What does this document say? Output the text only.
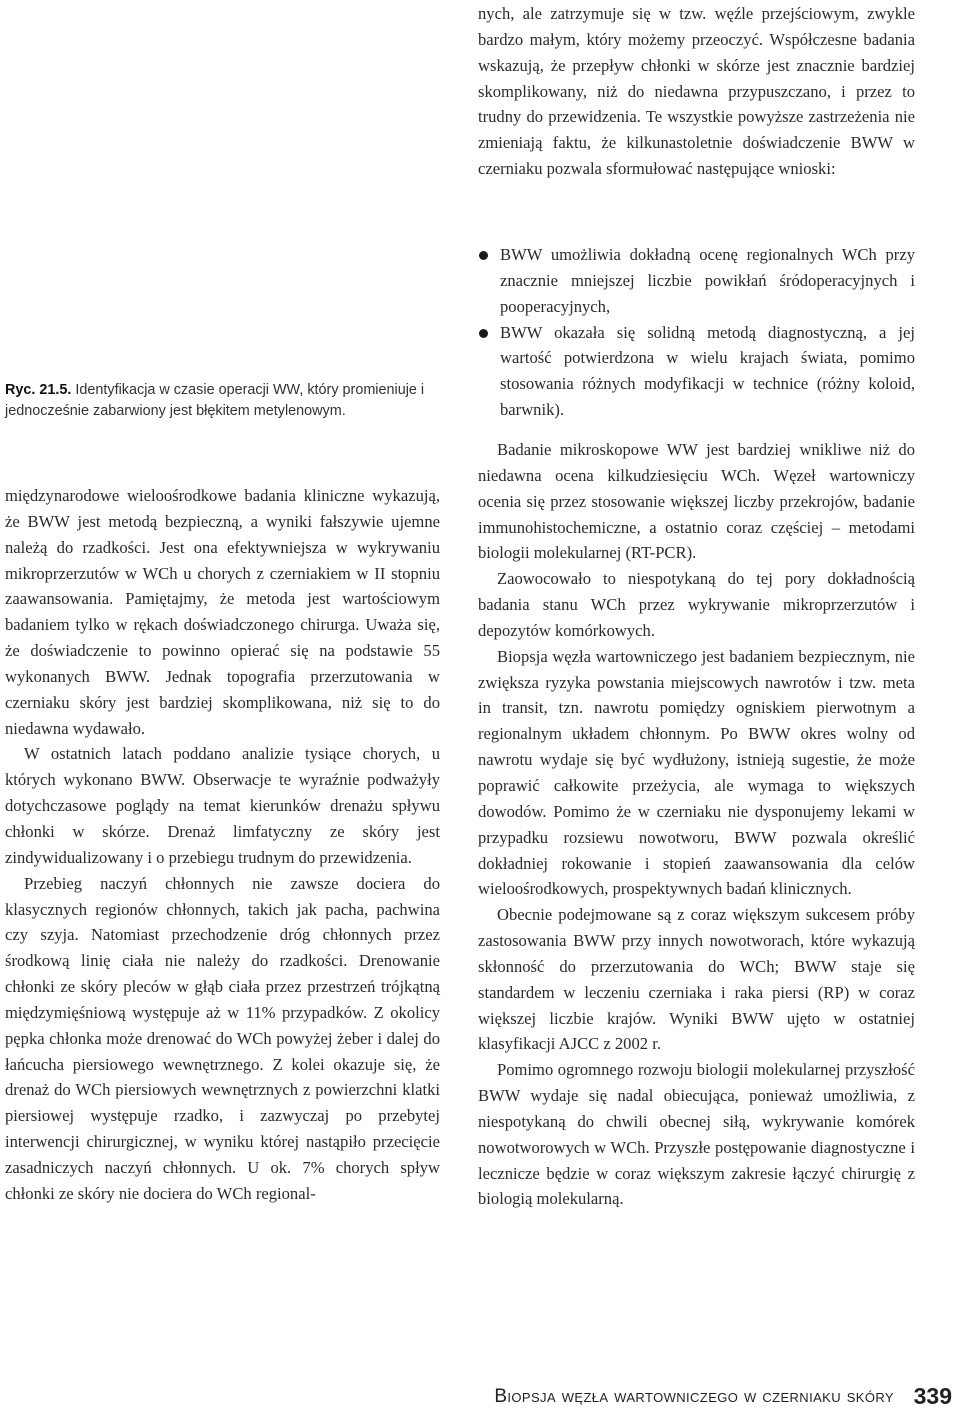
nych, ale zatrzymuje się w tzw. węźle przejściowym, zwykle bardzo małym, który możemy przeoczyć. Współczesne badania wskazują, że przepływ chłonki w skórze jest znacznie bardziej skomplikowany, niż do niedawna przypuszczano, i przez to trudny do przewidzenia. Te wszystkie powyższe zastrzeżenia nie zmieniają faktu, że kilkunastoletnie doświadczenie BWW w czerniaku pozwala sformułować następujące wnioski:

BWW umożliwia dokładną ocenę regionalnych WCh przy znacznie mniejszej liczbie powikłań śródoperacyjnych i pooperacyjnych,
BWW okazała się solidną metodą diagnostyczną, a jej wartość potwierdzona w wielu krajach świata, pomimo stosowania różnych modyfikacji w technice (różny koloid, barwnik).
Ryc. 21.5. Identyfikacja w czasie operacji WW, który promieniuje i jednocześnie zabarwiony jest błękitem metylenowym.

międzynarodowe wieloośrodkowe badania kliniczne wykazują, że BWW jest metodą bezpieczną, a wyniki fałszywie ujemne należą do rzadkości. Jest ona efektywniejsza w wykrywaniu mikroprzerzutów w WCh u chorych z czerniakiem w II stopniu zaawansowania. Pamiętajmy, że metoda jest wartościowym badaniem tylko w rękach doświadczonego chirurga. Uważa się, że doświadczenie to powinno opierać się na podstawie 55 wykonanych BWW. Jednak topografia przerzutowania w czerniaku skóry jest bardziej skomplikowana, niż się to do niedawna wydawało.

W ostatnich latach poddano analizie tysiące chorych, u których wykonano BWW. Obserwacje te wyraźnie podważyły dotychczasowe poglądy na temat kierunków drenażu spływu chłonki w skórze. Drenaż limfatyczny ze skóry jest zindywidualizowany i o przebiegu trudnym do przewidzenia.

Przebieg naczyń chłonnych nie zawsze dociera do klasycznych regionów chłonnych, takich jak pacha, pachwina czy szyja. Natomiast przechodzenie dróg chłonnych przez środkową linię ciała nie należy do rzadkości. Drenowanie chłonki ze skóry pleców w głąb ciała przez przestrzeń trójkątną międzymięśniową występuje aż w 11% przypadków. Z okolicy pępka chłonka może drenować do WCh powyżej żeber i dalej do łańcucha piersiowego wewnętrznego. Z kolei okazuje się, że drenaż do WCh piersiowych wewnętrznych z powierzchni klatki piersiowej występuje rzadko, i zazwyczaj po przebytej interwencji chirurgicznej, w wyniku której nastąpiło przecięcie zasadniczych naczyń chłonnych. U ok. 7% chorych spływ chłonki ze skóry nie dociera do WCh regional-

Badanie mikroskopowe WW jest bardziej wnikliwe niż do niedawna ocena kilkudziesięciu WCh. Węzeł wartowniczy ocenia się przez stosowanie większej liczby przekrojów, badanie immunohistochemiczne, a ostatnio coraz częściej – metodami biologii molekularnej (RT-PCR).

Zaowocowało to niespotykaną do tej pory dokładnością badania stanu WCh przez wykrywanie mikroprzerzutów i depozytów komórkowych.

Biopsja węzła wartowniczego jest badaniem bezpiecznym, nie zwiększa ryzyka powstania miejscowych nawrotów i tzw. meta in transit, tzn. nawrotu pomiędzy ogniskiem pierwotnym a regionalnym układem chłonnym. Po BWW okres wolny od nawrotu wydaje się być wydłużony, istnieją sugestie, że może poprawić całkowite przeżycia, ale wymaga to większych dowodów. Pomimo że w czerniaku nie dysponujemy lekami w przypadku rozsiewu nowotworu, BWW pozwala określić dokładniej rokowanie i stopień zaawansowania dla celów wieloośrodkowych, prospektywnych badań klinicznych.

Obecnie podejmowane są z coraz większym sukcesem próby zastosowania BWW przy innych nowotworach, które wykazują skłonność do przerzutowania do WCh; BWW staje się standardem w leczeniu czerniaka i raka piersi (RP) w coraz większej liczbie krajów. Wyniki BWW ujęto w ostatniej klasyfikacji AJCC z 2002 r.

Pomimo ogromnego rozwoju biologii molekularnej przyszłość BWW wydaje się nadal obiecująca, ponieważ umożliwia, z niespotykaną do chwili obecnej siłą, wykrywanie komórek nowotworowych w WCh. Przyszłe postępowanie diagnostyczne i lecznicze będzie w coraz większym zakresie łączyć chirurgię z biologią molekularną.

Biopsja węzła wartowniczego w czerniaku skóry 339
